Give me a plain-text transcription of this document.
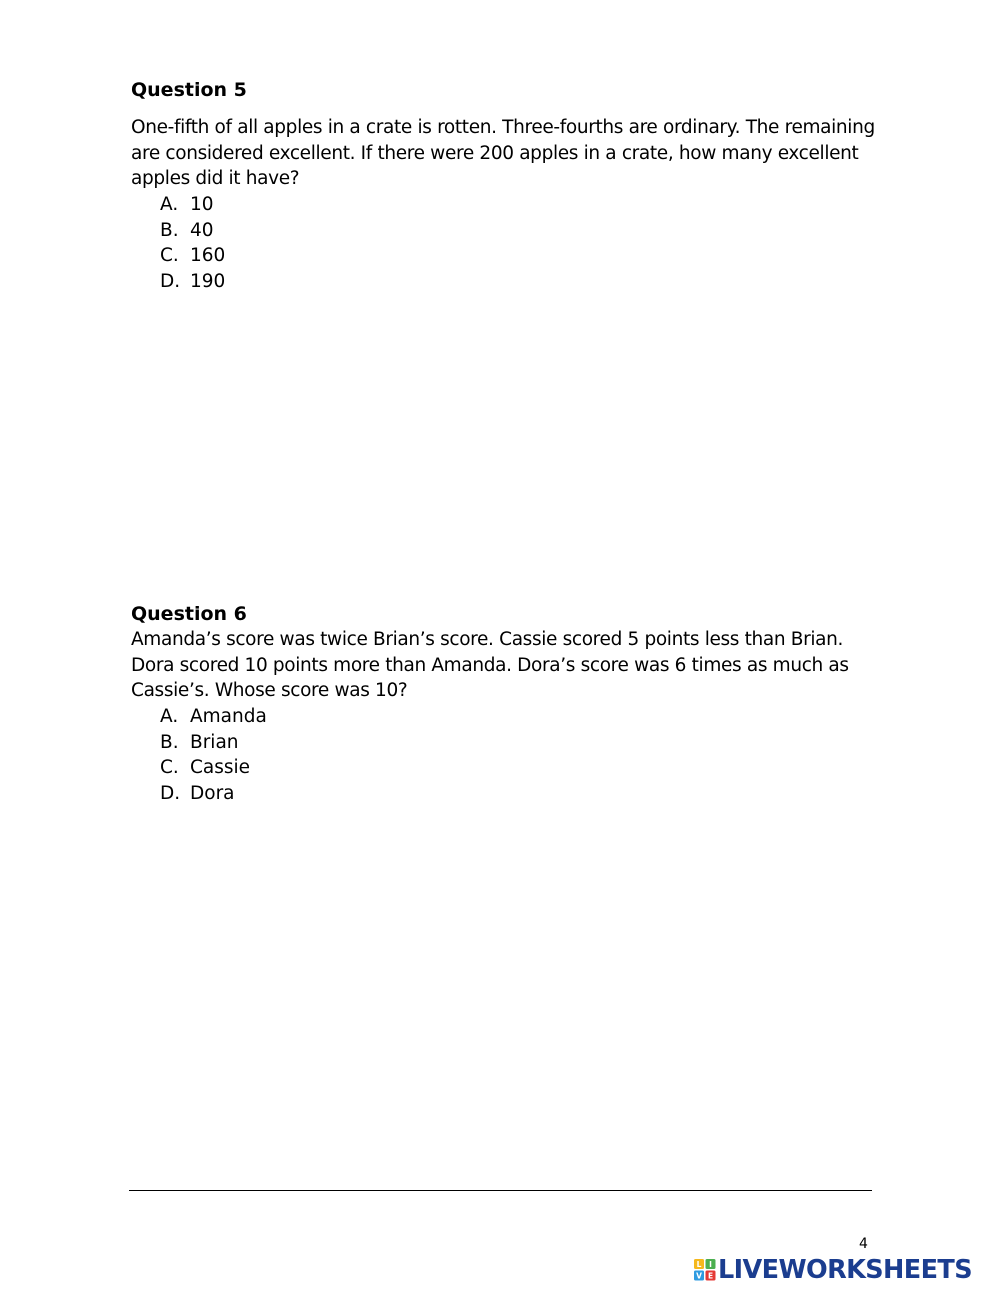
Question 5

One-fifth of all apples in a crate is rotten. Three-fourths are ordinary. The remaining
are considered excellent. If there were 200 apples in a crate, how many excellent
apples did it have?

A. 10
B. 40
C. 160
D. 190
Question 6

Amanda’s score was twice Brian’s score. Cassie scored 5 points less than Brian.
Dora scored 10 points more than Amanda. Dora’s score was 6 times as much as
Cassie’s. Whose score was 10?

A. Amanda
B. Brian
C. Cassie
D. Dora
4
L I
V E LIVEWORKSHEETS
